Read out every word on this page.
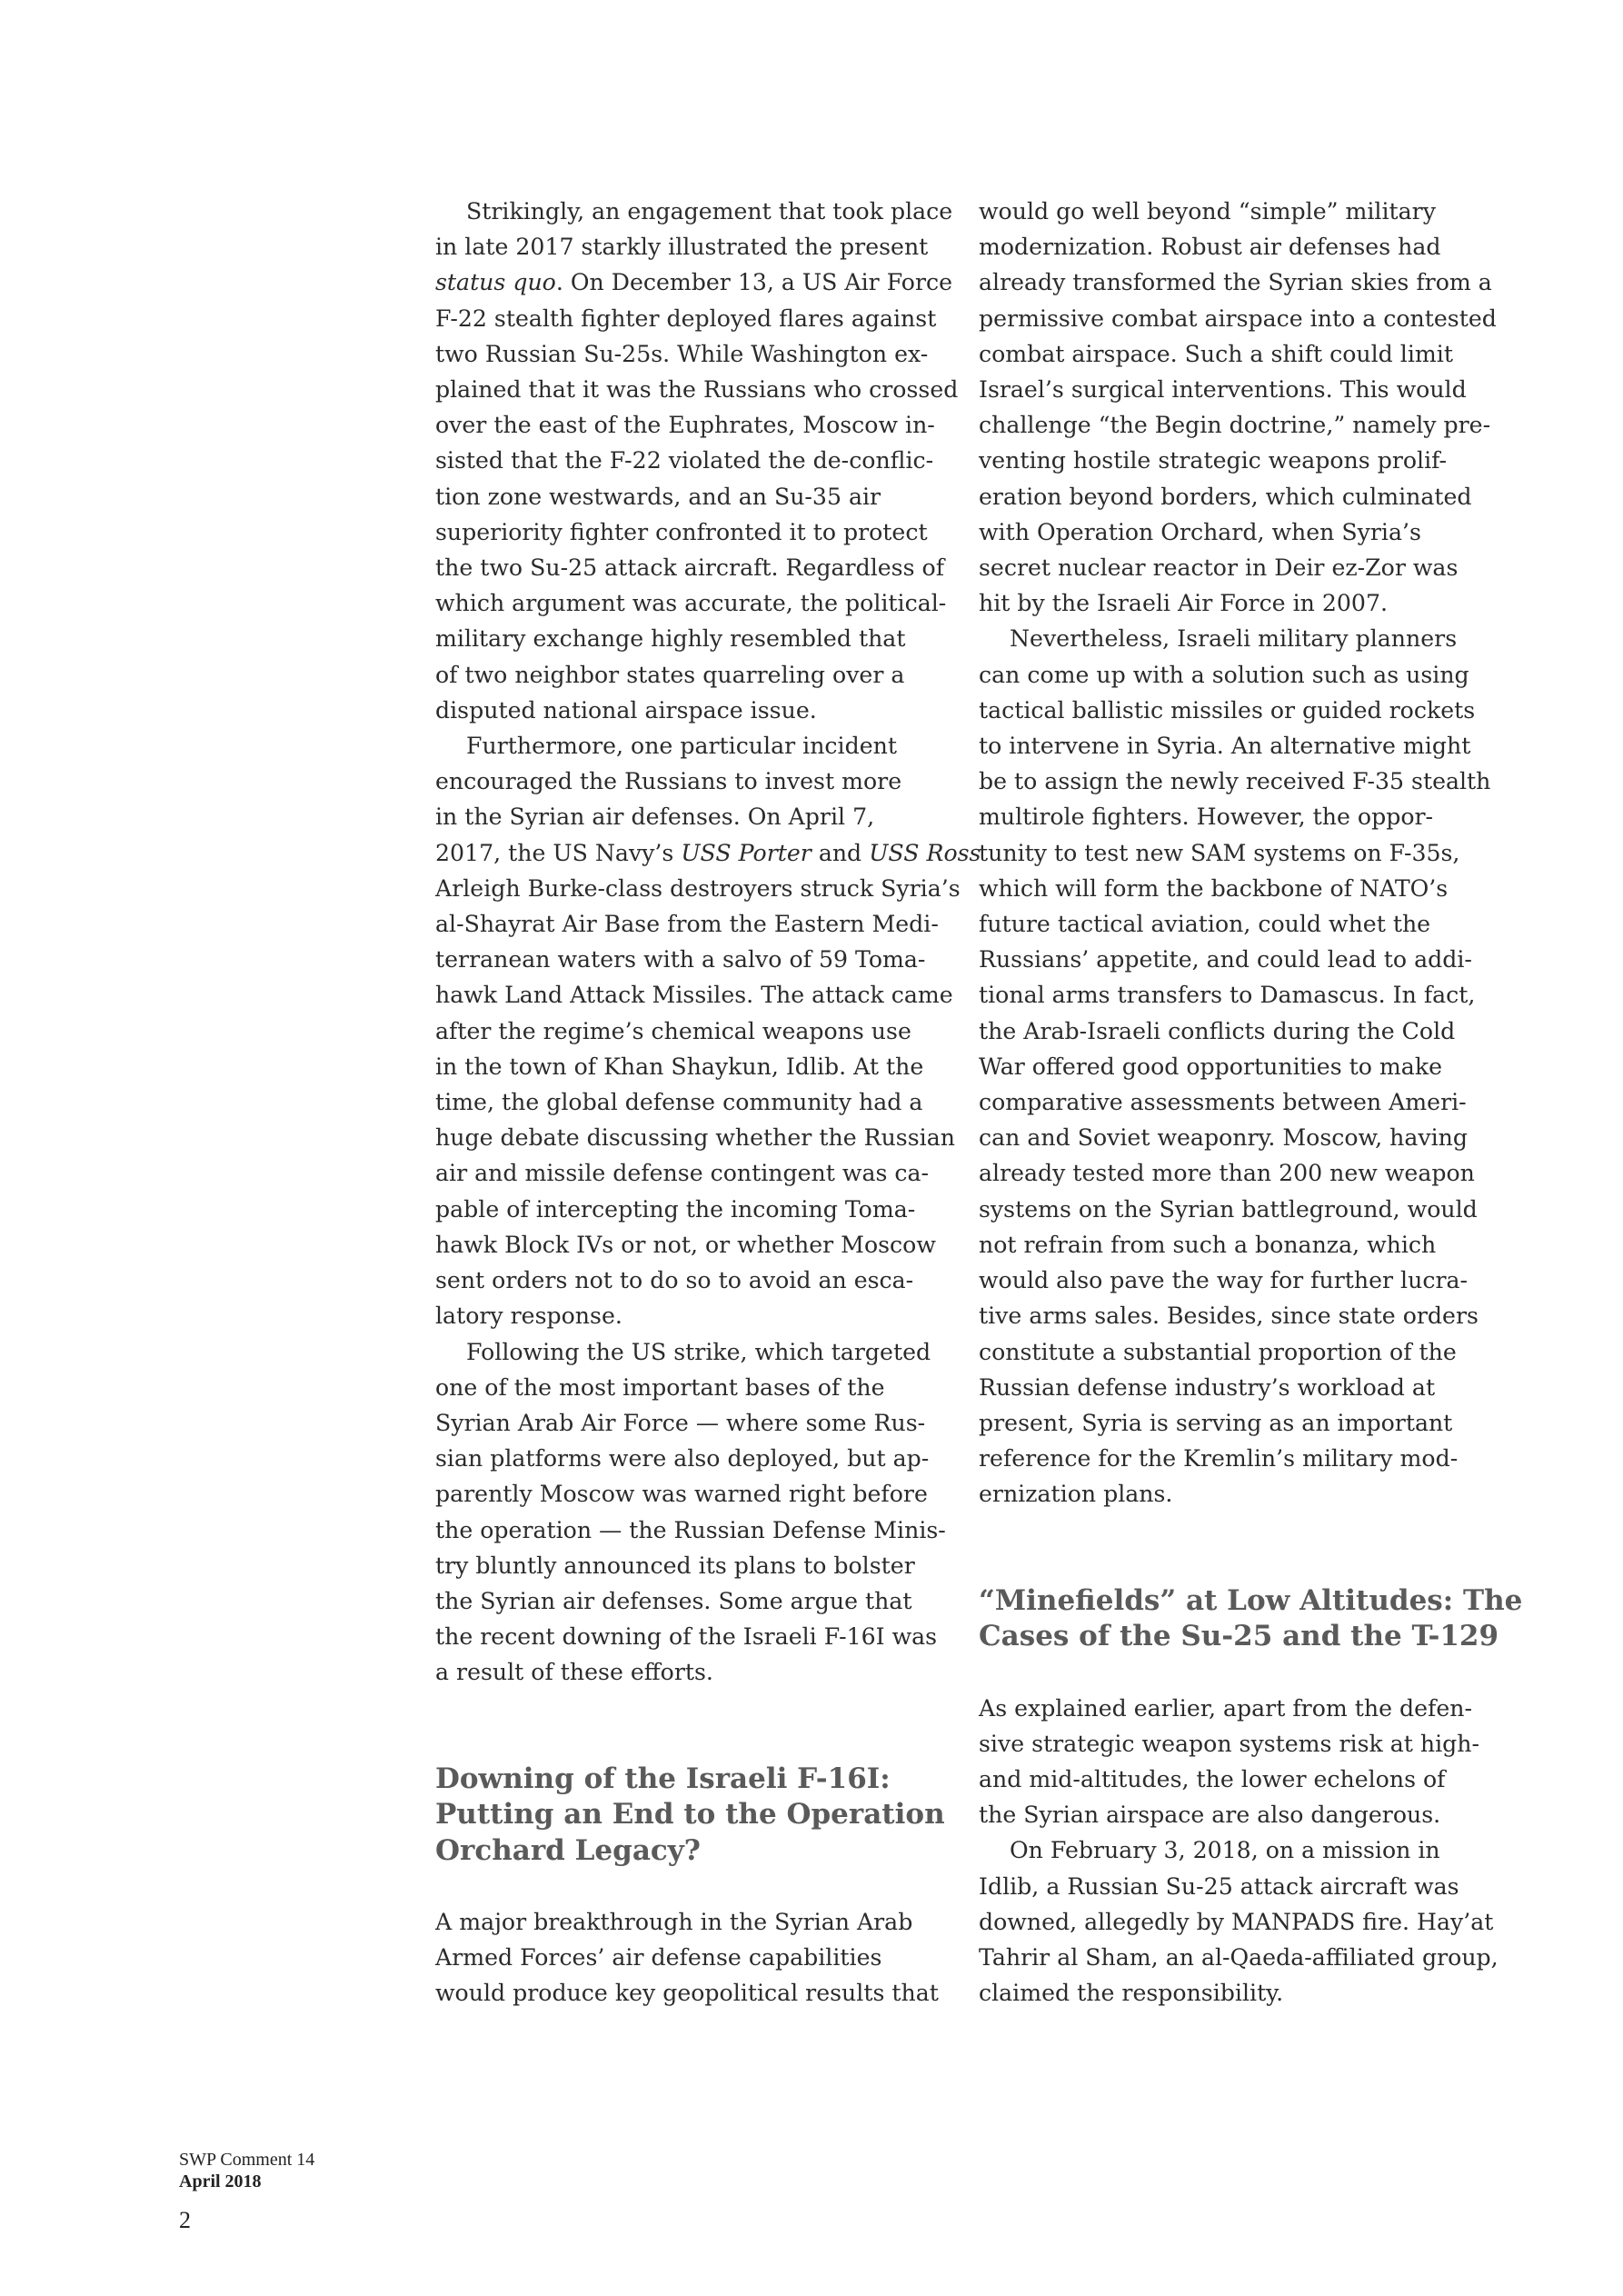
Strikingly, an engagement that took place
in late 2017 starkly illustrated the present
status quo. On December 13, a US Air Force
F-22 stealth fighter deployed flares against
two Russian Su-25s. While Washington ex-
plained that it was the Russians who crossed
over the east of the Euphrates, Moscow in-
sisted that the F-22 violated the de-conflic-
tion zone westwards, and an Su-35 air
superiority fighter confronted it to protect
the two Su-25 attack aircraft. Regardless of
which argument was accurate, the political-
military exchange highly resembled that
of two neighbor states quarreling over a
disputed national airspace issue.
Furthermore, one particular incident
encouraged the Russians to invest more
in the Syrian air defenses. On April 7,
2017, the US Navy’s USS Porter and USS Ross
Arleigh Burke-class destroyers struck Syria’s
al-Shayrat Air Base from the Eastern Medi-
terranean waters with a salvo of 59 Toma-
hawk Land Attack Missiles. The attack came
after the regime’s chemical weapons use
in the town of Khan Shaykun, Idlib. At the
time, the global defense community had a
huge debate discussing whether the Russian
air and missile defense contingent was ca-
pable of intercepting the incoming Toma-
hawk Block IVs or not, or whether Moscow
sent orders not to do so to avoid an esca-
latory response.
Following the US strike, which targeted
one of the most important bases of the
Syrian Arab Air Force — where some Rus-
sian platforms were also deployed, but ap-
parently Moscow was warned right before
the operation — the Russian Defense Minis-
try bluntly announced its plans to bolster
the Syrian air defenses. Some argue that
the recent downing of the Israeli F-16I was
a result of these efforts.
Downing of the Israeli F-16I:
Putting an End to the Operation
Orchard Legacy?
A major breakthrough in the Syrian Arab
Armed Forces’ air defense capabilities
would produce key geopolitical results that
would go well beyond “simple” military
modernization. Robust air defenses had
already transformed the Syrian skies from a
permissive combat airspace into a contested
combat airspace. Such a shift could limit
Israel’s surgical interventions. This would
challenge “the Begin doctrine,” namely pre-
venting hostile strategic weapons prolif-
eration beyond borders, which culminated
with Operation Orchard, when Syria’s
secret nuclear reactor in Deir ez-Zor was
hit by the Israeli Air Force in 2007.
Nevertheless, Israeli military planners
can come up with a solution such as using
tactical ballistic missiles or guided rockets
to intervene in Syria. An alternative might
be to assign the newly received F-35 stealth
multirole fighters. However, the oppor-
tunity to test new SAM systems on F-35s,
which will form the backbone of NATO’s
future tactical aviation, could whet the
Russians’ appetite, and could lead to addi-
tional arms transfers to Damascus. In fact,
the Arab-Israeli conflicts during the Cold
War offered good opportunities to make
comparative assessments between Ameri-
can and Soviet weaponry. Moscow, having
already tested more than 200 new weapon
systems on the Syrian battleground, would
not refrain from such a bonanza, which
would also pave the way for further lucra-
tive arms sales. Besides, since state orders
constitute a substantial proportion of the
Russian defense industry’s workload at
present, Syria is serving as an important
reference for the Kremlin’s military mod-
ernization plans.
“Minefields” at Low Altitudes: The
Cases of the Su-25 and the T-129
As explained earlier, apart from the defen-
sive strategic weapon systems risk at high-
and mid-altitudes, the lower echelons of
the Syrian airspace are also dangerous.
On February 3, 2018, on a mission in
Idlib, a Russian Su-25 attack aircraft was
downed, allegedly by MANPADS fire. Hay’at
Tahrir al Sham, an al-Qaeda-affiliated group,
claimed the responsibility.
SWP Comment 14
April 2018
2
